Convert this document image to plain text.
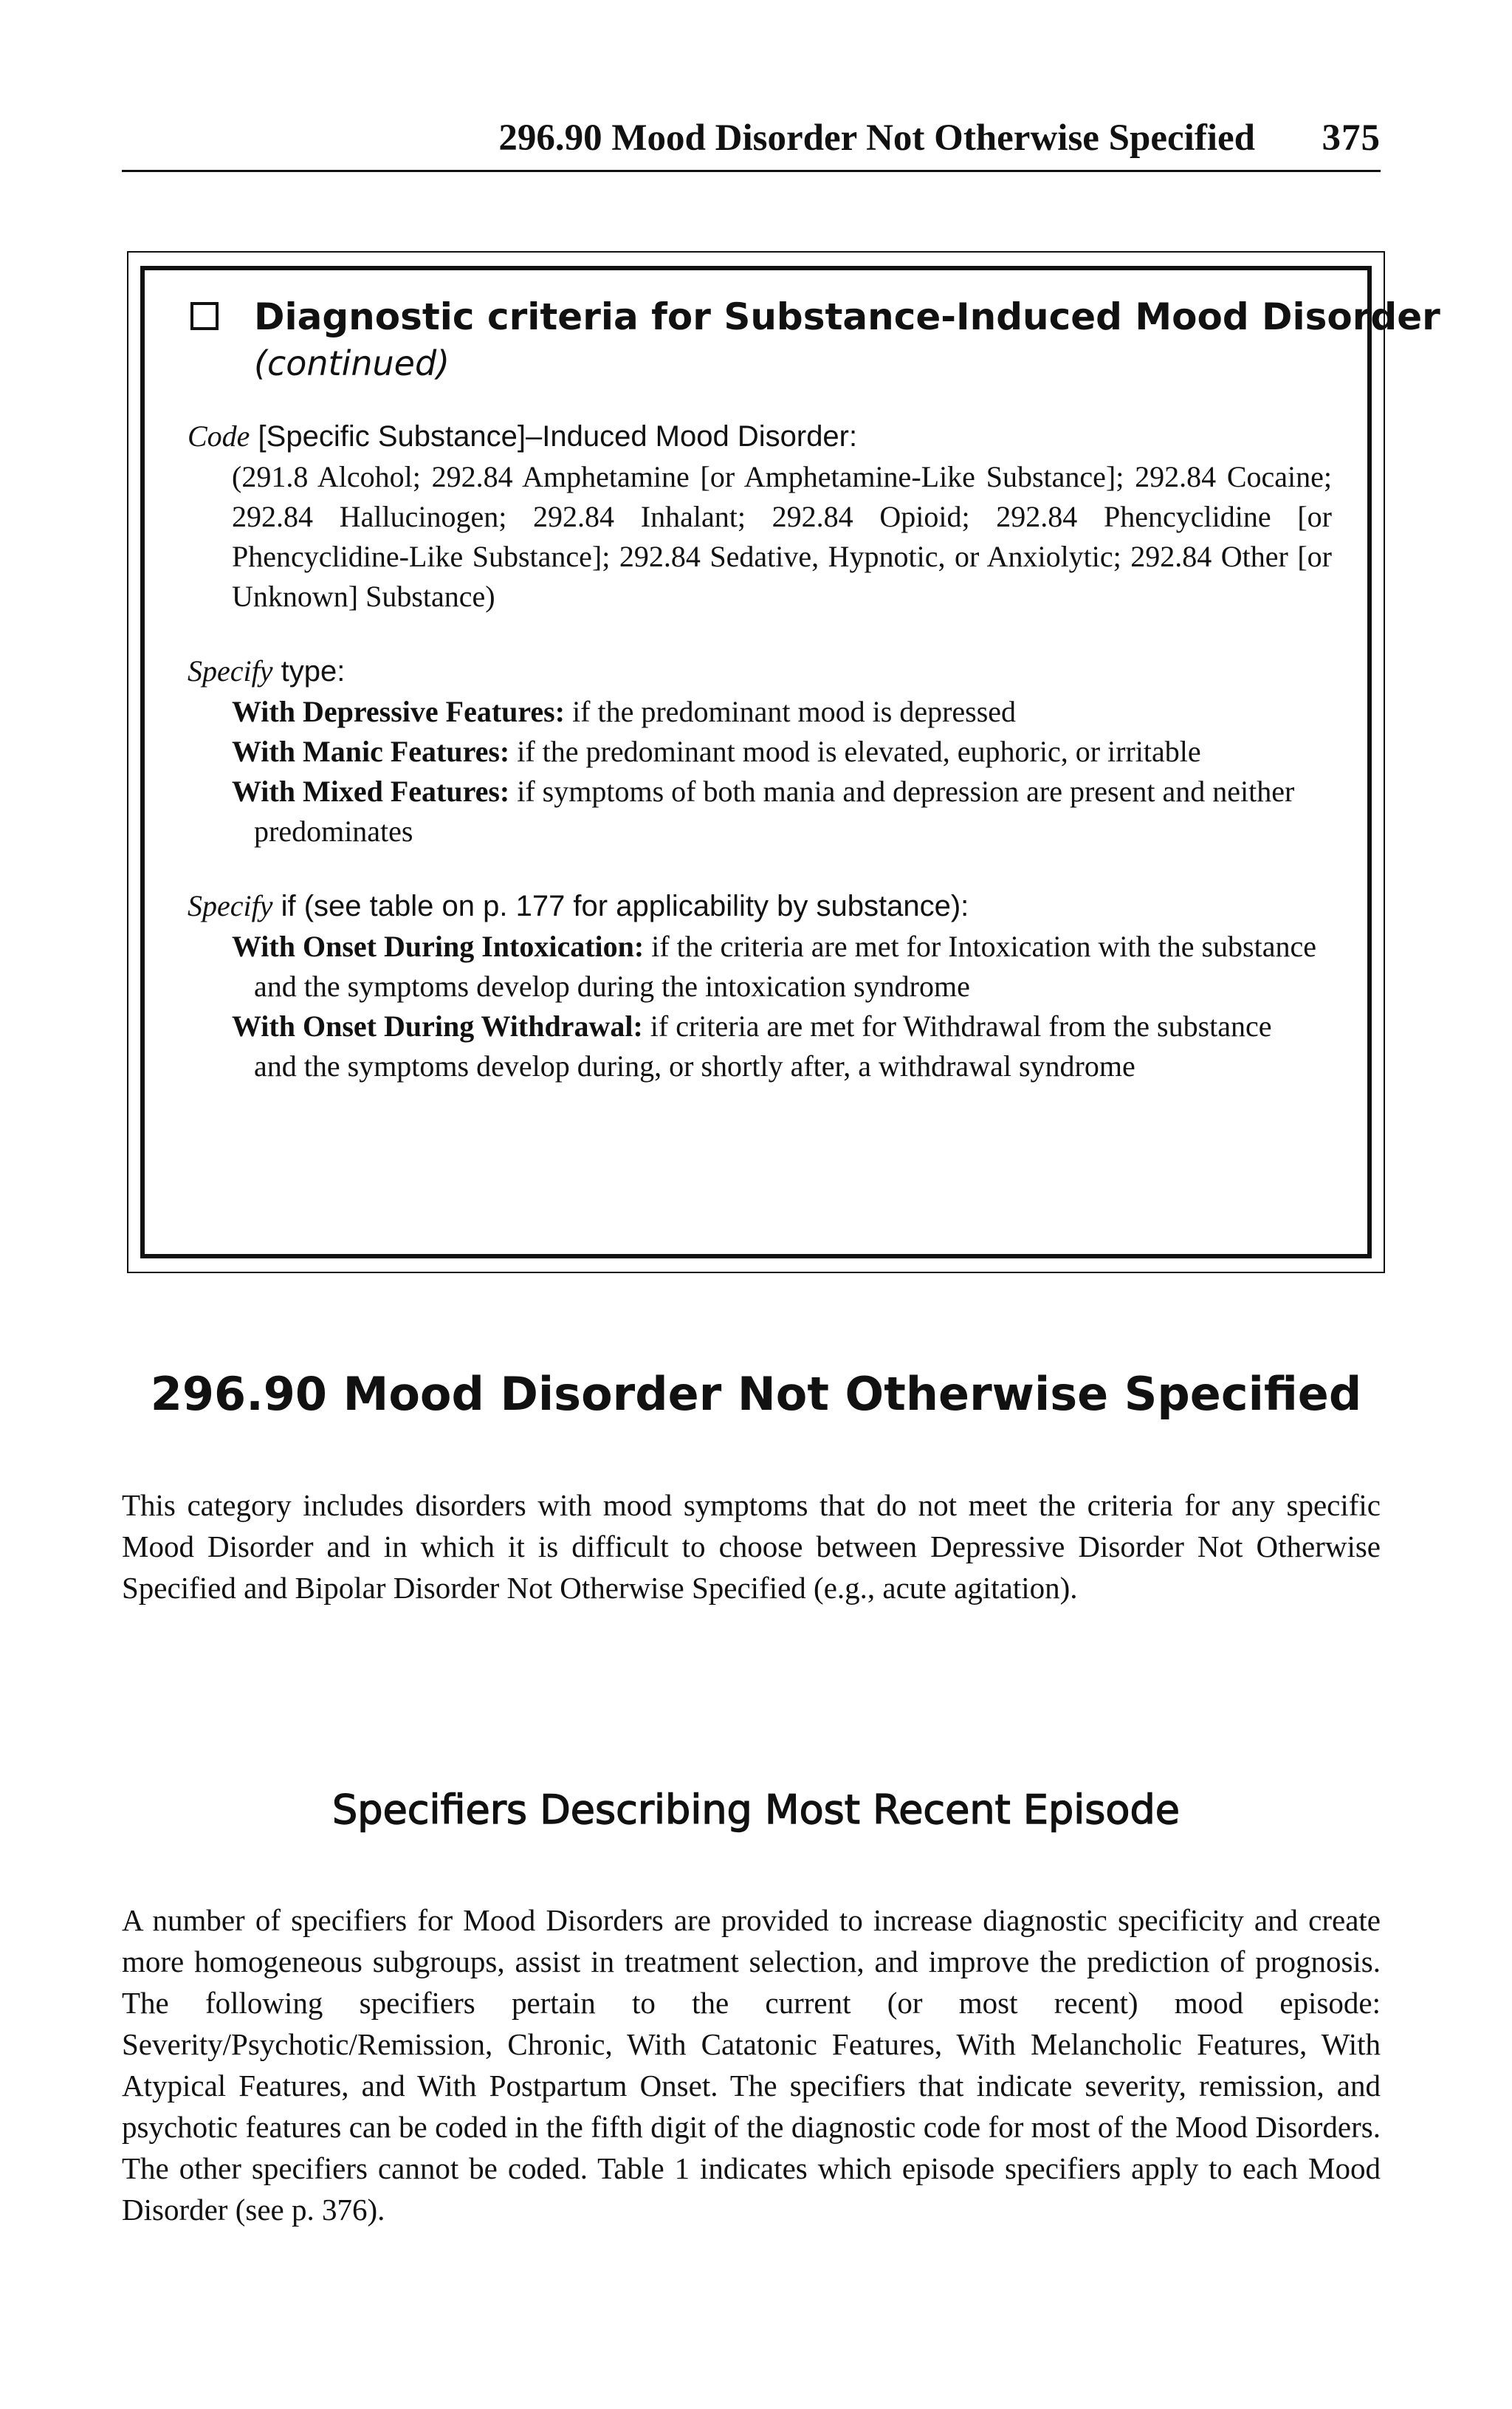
296.90 Mood Disorder Not Otherwise Specified 375
Diagnostic criteria for Substance-Induced Mood Disorder
(continued)
Code [Specific Substance]–Induced Mood Disorder:
(291.8 Alcohol; 292.84 Amphetamine [or Amphetamine-Like Substance]; 292.84 Cocaine; 292.84 Hallucinogen; 292.84 Inhalant; 292.84 Opioid; 292.84 Phencyclidine [or Phencyclidine-Like Substance]; 292.84 Sedative, Hypnotic, or Anxiolytic; 292.84 Other [or Unknown] Substance)
Specify type:
With Depressive Features: if the predominant mood is depressed
With Manic Features: if the predominant mood is elevated, euphoric, or irritable
With Mixed Features: if symptoms of both mania and depression are present and neither predominates
Specify if (see table on p. 177 for applicability by substance):
With Onset During Intoxication: if the criteria are met for Intoxication with the substance and the symptoms develop during the intoxication syndrome
With Onset During Withdrawal: if criteria are met for Withdrawal from the substance and the symptoms develop during, or shortly after, a withdrawal syndrome
296.90 Mood Disorder Not Otherwise Specified
This category includes disorders with mood symptoms that do not meet the criteria for any specific Mood Disorder and in which it is difficult to choose between Depressive Disorder Not Otherwise Specified and Bipolar Disorder Not Otherwise Specified (e.g., acute agitation).
Specifiers Describing Most Recent Episode
A number of specifiers for Mood Disorders are provided to increase diagnostic specificity and create more homogeneous subgroups, assist in treatment selection, and improve the prediction of prognosis. The following specifiers pertain to the current (or most recent) mood episode: Severity/Psychotic/Remission, Chronic, With Catatonic Features, With Melancholic Features, With Atypical Features, and With Postpartum Onset. The specifiers that indicate severity, remission, and psychotic features can be coded in the fifth digit of the diagnostic code for most of the Mood Disorders. The other specifiers cannot be coded. Table 1 indicates which episode specifiers apply to each Mood Disorder (see p. 376).
